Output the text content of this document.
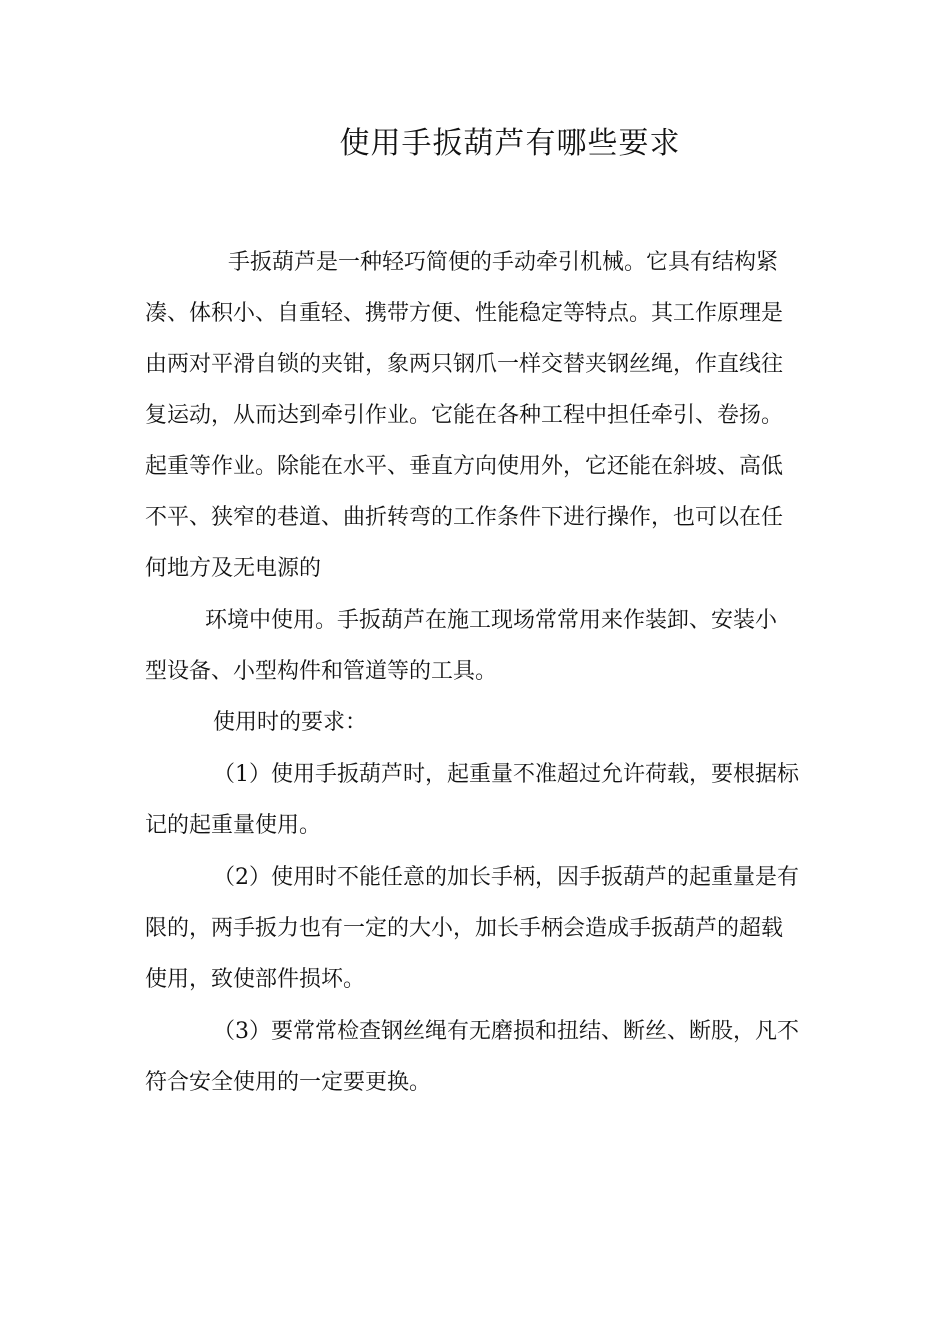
使用手扳葫芦有哪些要求
手扳葫芦是一种轻巧简便的手动牵引机械。它具有结构紧
凑、体积小、自重轻、携带方便、性能稳定等特点。其工作原理是
由两对平滑自锁的夹钳，象两只钢爪一样交替夹钢丝绳，作直线往
复运动，从而达到牵引作业。它能在各种工程中担任牵引、卷扬。
起重等作业。除能在水平、垂直方向使用外，它还能在斜坡、高低
不平、狭窄的巷道、曲折转弯的工作条件下进行操作，也可以在任
何地方及无电源的
环境中使用。手扳葫芦在施工现场常常用来作装卸、安装小
型设备、小型构件和管道等的工具。
使用时的要求：
（1）使用手扳葫芦时，起重量不准超过允许荷载，要根据标
记的起重量使用。
（2）使用时不能任意的加长手柄，因手扳葫芦的起重量是有
限的，两手扳力也有一定的大小，加长手柄会造成手扳葫芦的超载
使用，致使部件损坏。
（3）要常常检查钢丝绳有无磨损和扭结、断丝、断股，凡不
符合安全使用的一定要更换。
